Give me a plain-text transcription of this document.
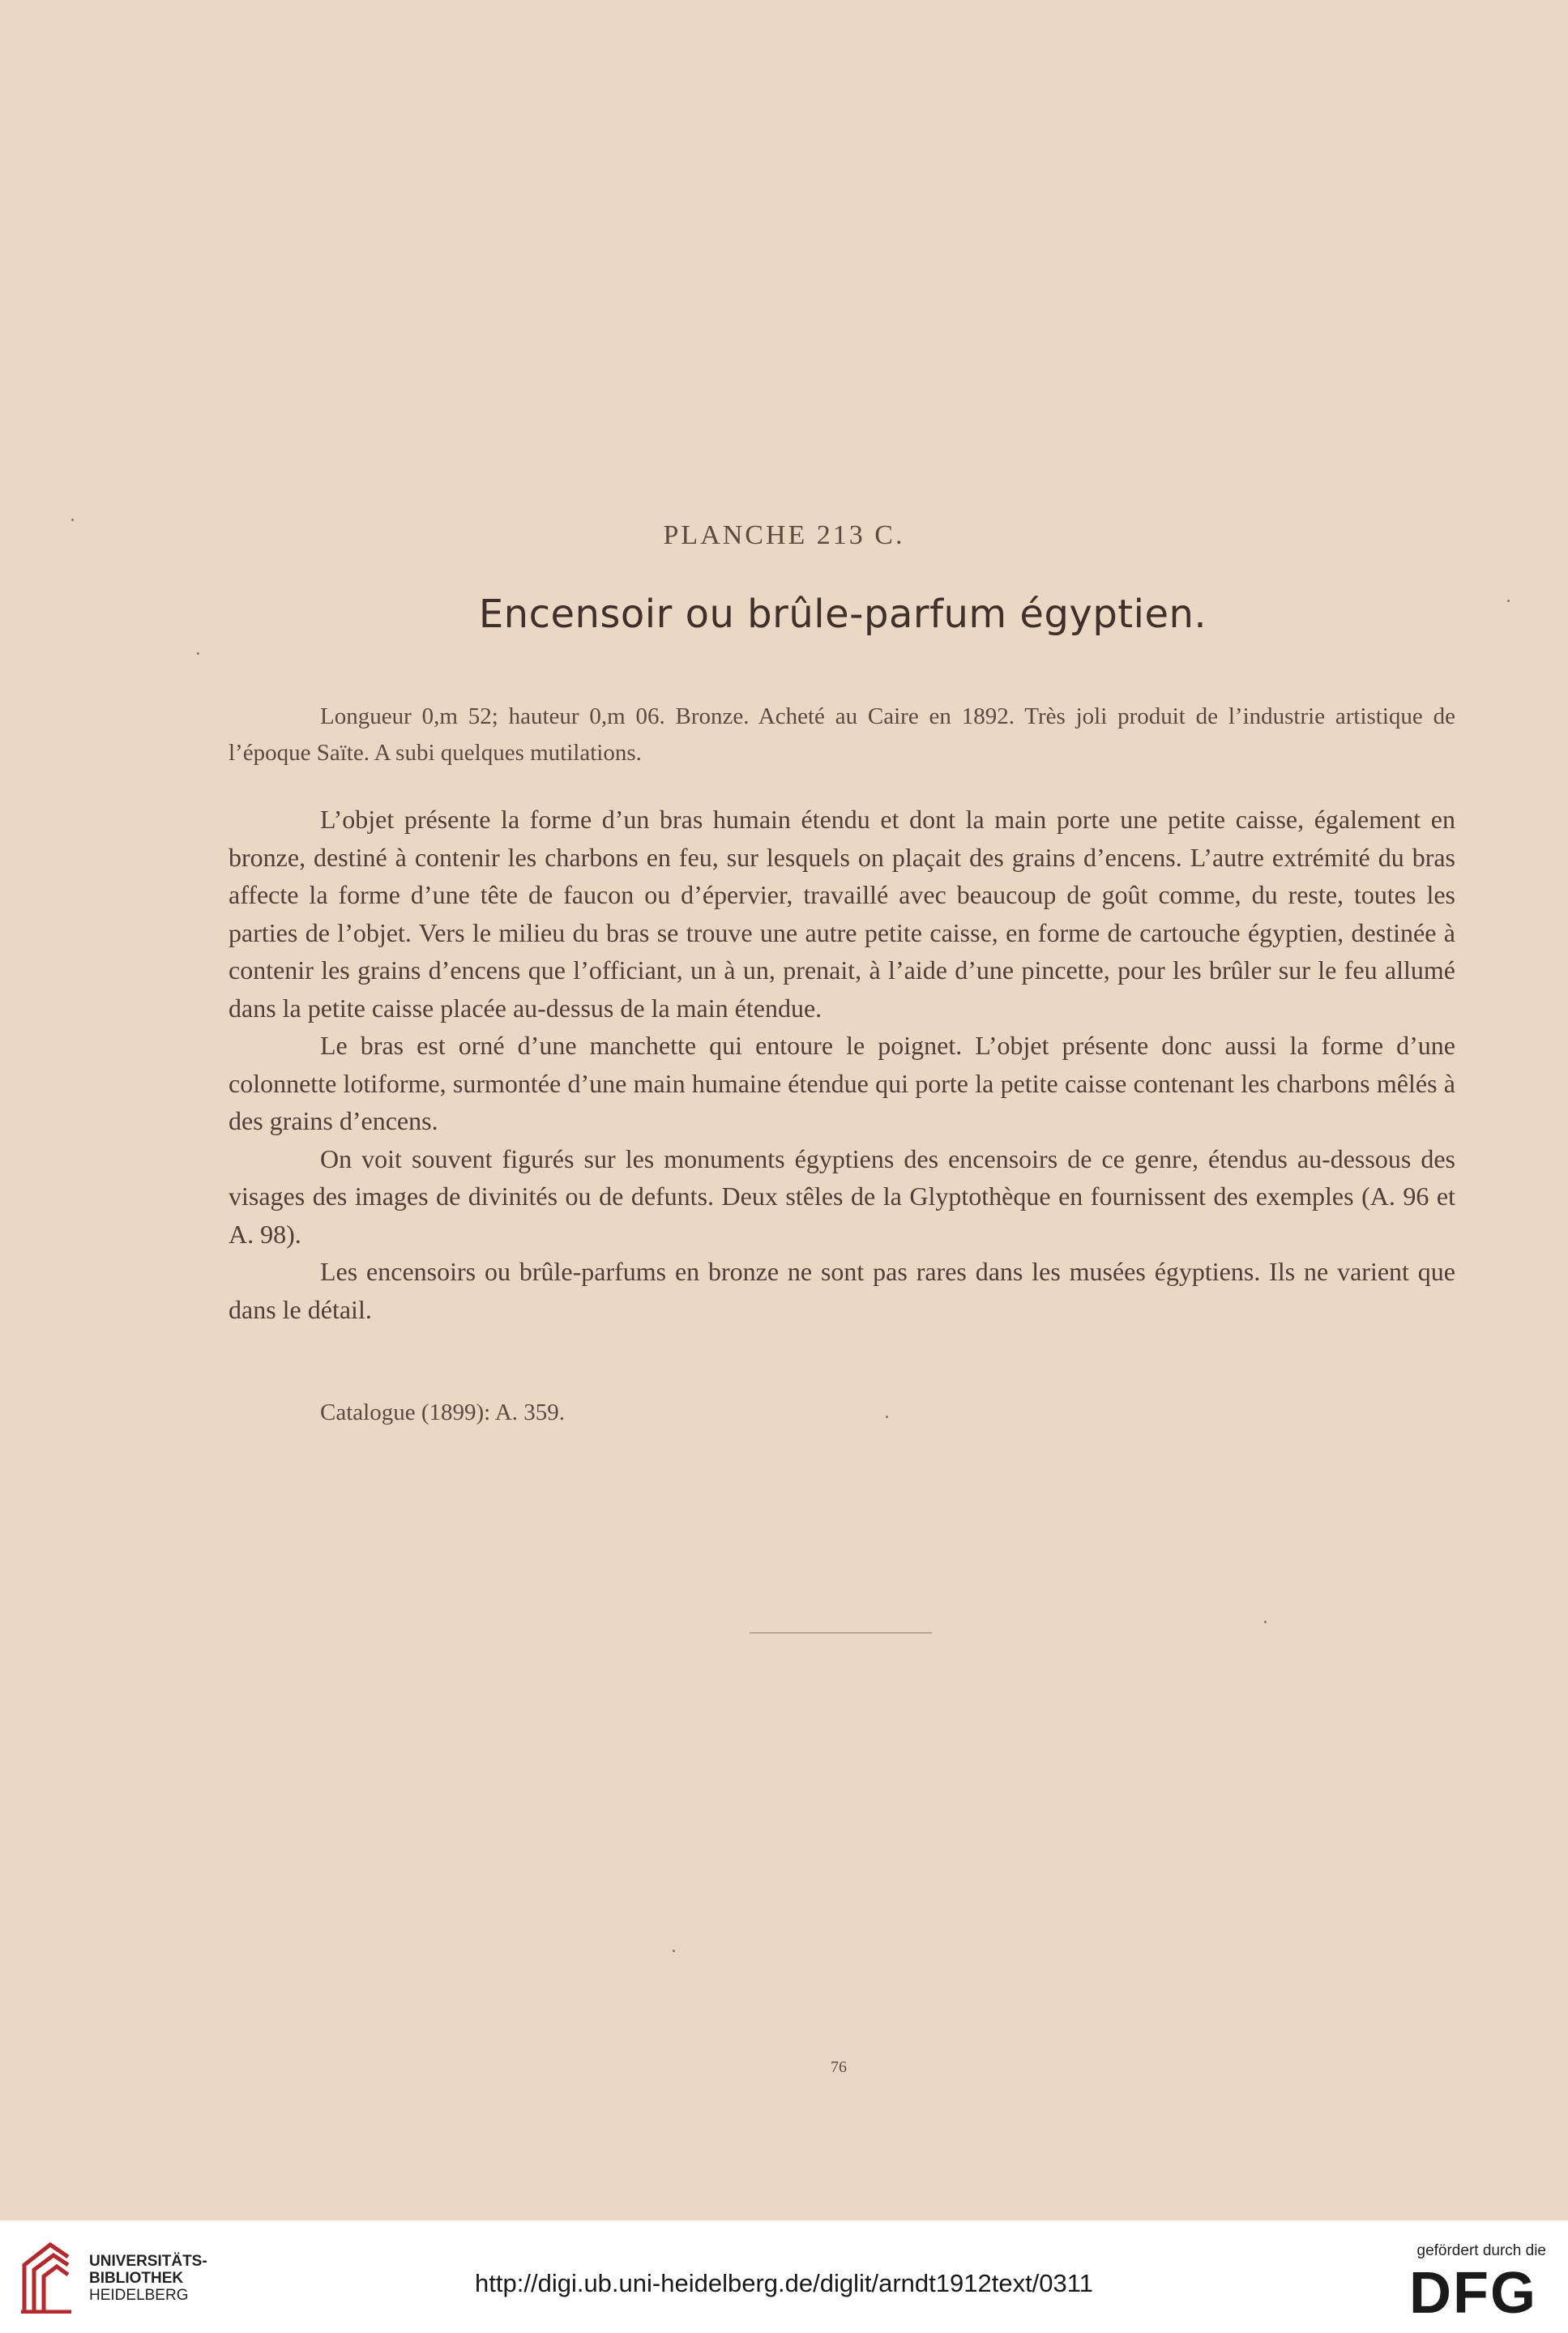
PLANCHE 213 C.
Encensoir ou brûle-parfum égyptien.
Longueur 0,m 52; hauteur 0,m 06. Bronze. Acheté au Caire en 1892. Très joli produit de l’industrie artistique de l’époque Saïte. A subi quelques mutilations.

L’objet présente la forme d’un bras humain étendu et dont la main porte une petite caisse, également en bronze, destiné à contenir les charbons en feu, sur lesquels on plaçait des grains d’encens. L’autre extrémité du bras affecte la forme d’une tête de faucon ou d’épervier, travaillé avec beaucoup de goût comme, du reste, toutes les parties de l’objet. Vers le milieu du bras se trouve une autre petite caisse, en forme de cartouche égyptien, destinée à contenir les grains d’encens que l’officiant, un à un, prenait, à l’aide d’une pincette, pour les brûler sur le feu allumé dans la petite caisse placée au-dessus de la main étendue.

Le bras est orné d’une manchette qui entoure le poignet. L’objet présente donc aussi la forme d’une colonnette lotiforme, surmontée d’une main humaine étendue qui porte la petite caisse contenant les charbons mêlés à des grains d’encens.

On voit souvent figurés sur les monuments égyptiens des encensoirs de ce genre, étendus au-dessous des visages des images de divinités ou de defunts. Deux stêles de la Glyptothèque en fournissent des exemples (A. 96 et A. 98).

Les encensoirs ou brûle-parfums en bronze ne sont pas rares dans les musées égyptiens. Ils ne varient que dans le détail.

Catalogue (1899): A. 359.
76
UNIVERSITÄTS-
BIBLIOTHEK
HEIDELBERG	http://digi.ub.uni-heidelberg.de/diglit/arndt1912text/0311
gefördert durch die
DFG
